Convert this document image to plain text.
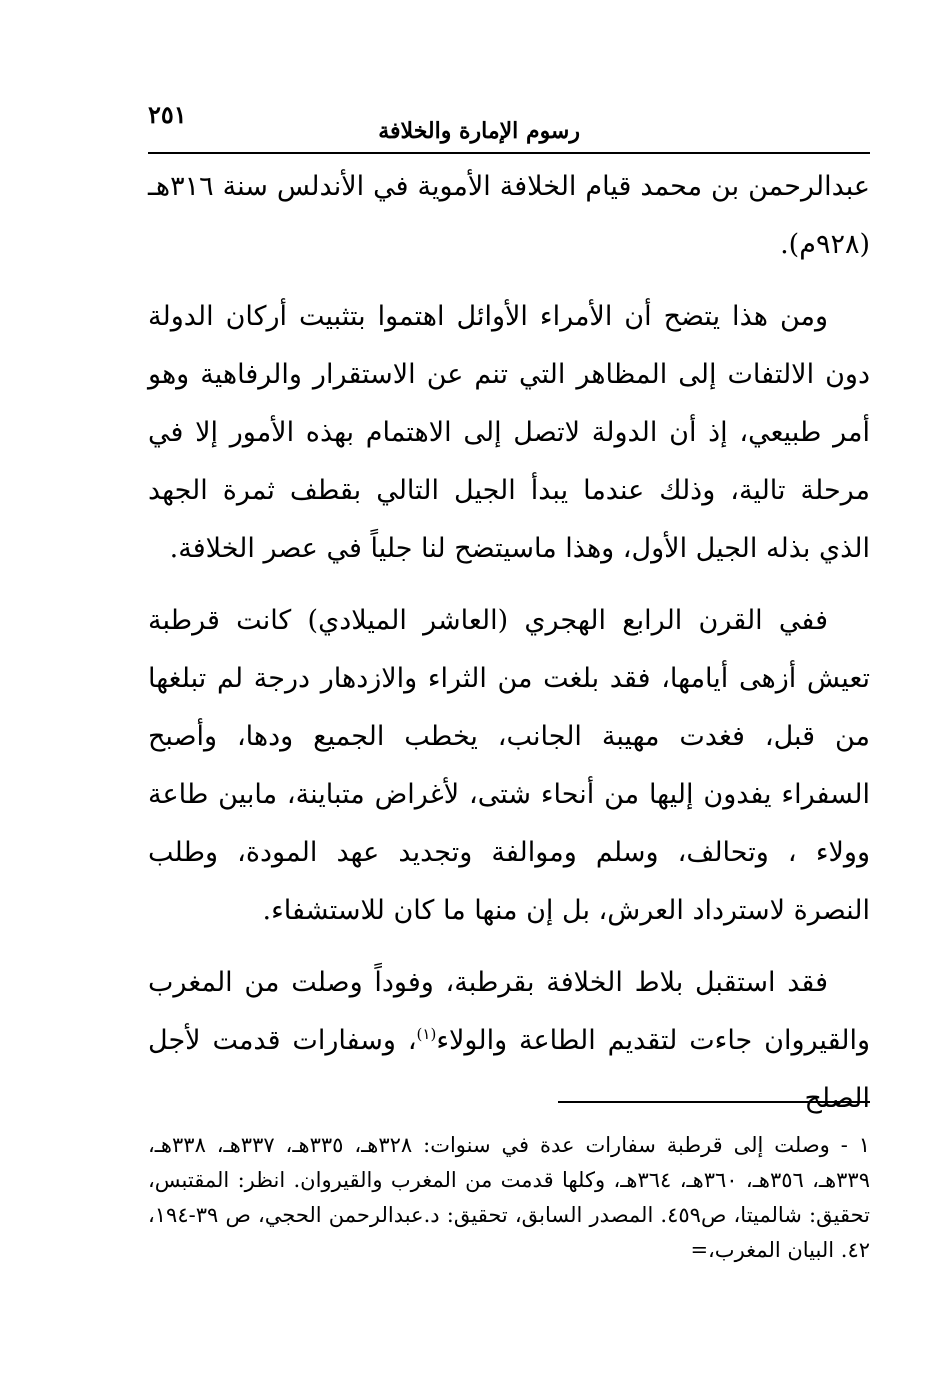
٢٥١
رسوم الإمارة والخلافة

عبدالرحمن بن محمد قيام الخلافة الأموية في الأندلس سنة ٣١٦هـ (٩٢٨م).

ومن هذا يتضح أن الأمراء الأوائل اهتموا بتثبيت أركان الدولة دون الالتفات إلى المظاهر التي تنم عن الاستقرار والرفاهية وهو أمر طبيعي، إذ أن الدولة لاتصل إلى الاهتمام بهذه الأمور إلا في مرحلة تالية، وذلك عندما يبدأ الجيل التالي بقطف ثمرة الجهد الذي بذله الجيل الأول، وهذا ماسيتضح لنا جلياً في عصر الخلافة.

ففي القرن الرابع الهجري (العاشر الميلادي) كانت قرطبة تعيش أزهى أيامها، فقد بلغت من الثراء والازدهار درجة لم تبلغها من قبل، فغدت مهيبة الجانب، يخطب الجميع ودها، وأصبح السفراء يفدون إليها من أنحاء شتى، لأغراض متباينة، مابين طاعة وولاء ، وتحالف، وسلم وموالفة وتجديد عهد المودة، وطلب النصرة لاسترداد العرش، بل إن منها ما كان للاستشفاء.

فقد استقبل بلاط الخلافة بقرطبة، وفوداً وصلت من المغرب والقيروان جاءت لتقديم الطاعة والولاء$^{(١)}$، وسفارات قدمت لأجل الصلح

١ - وصلت إلى قرطبة سفارات عدة في سنوات: ٣٢٨هـ، ٣٣٥هـ، ٣٣٧هـ، ٣٣٨هـ، ٣٣٩هـ، ٣٥٦هـ، ٣٦٠هـ، ٣٦٤هـ، وكلها قدمت من المغرب والقيروان. انظر: المقتبس، تحقيق: شالميتا، ص٤٥٩. المصدر السابق، تحقيق: د.عبدالرحمن الحجي، ص ٣٩-١٩٤، ٤٢. البيان المغرب،=
